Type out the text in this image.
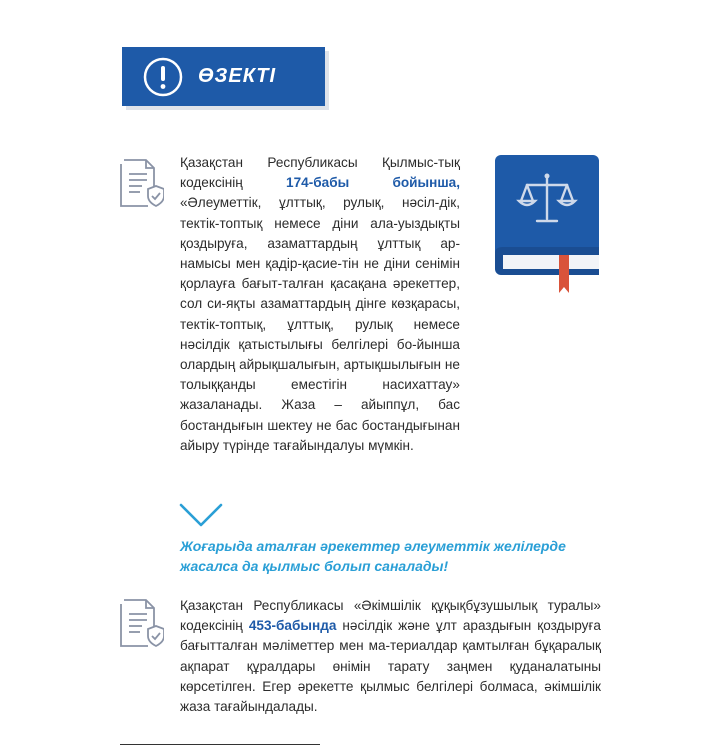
ӨЗЕКТІ
Қазақстан Республикасы Қылмыс-тық кодексінің 174-бабы бойынша, «Әлеуметтік, ұлттық, рулық, нәсіл-дік, тектік-топтық немесе діни ала-уыздықты қоздыруға, азаматтардың ұлттық ар-намысы мен қадір-қасие-тін не діни сенімін қорлауға бағыт-талған қасақана әрекеттер, сол си-яқты азаматтардың дінге көзқарасы, тектік-топтық, ұлттық, рулық немесе нәсілдік қатыстылығы белгілері бо-йынша олардың айрықшалығын, артықшылығын не толыққанды еместігін насихаттау» жазаланады. Жаза – айыппұл, бас бостандығын шектеу не бас бостандығынан айыру түрінде тағайындалуы мүмкін.
Жоғарыда аталған әрекеттер әлеуметтік желілерде жасалса да қылмыс болып саналады!
Қазақстан Республикасы «Әкімшілік құқықбұзушылық туралы» кодексінің 453-бабында нәсілдік және ұлт араздығын қоздыруға бағытталған мәліметтер мен ма-териалдар қамтылған бұқаралық ақпарат құралдары өнімін тарату заңмен қуданалатыны көрсетілген. Егер әрекетте қылмыс белгілері болмаса, әкімшілік жаза тағайындалады.
